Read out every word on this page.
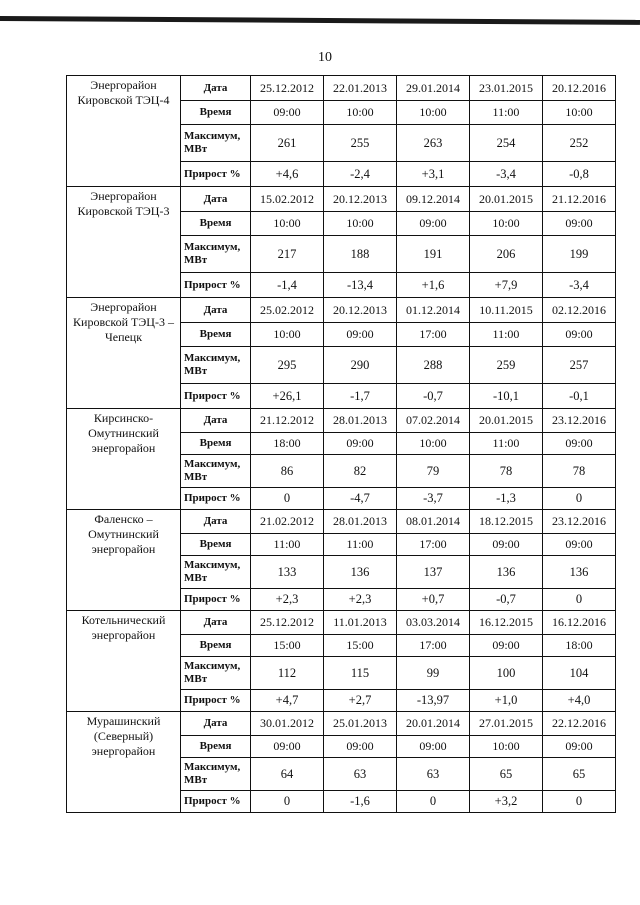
10
Энергорайон Кировской ТЭЦ-4	Дата	25.12.2012	22.01.2013	29.01.2014	23.01.2015	20.12.2016
	Время	09:00	10:00	10:00	11:00	10:00
	Максимум, МВт	261	255	263	254	252
	Прирост %	+4,6	-2,4	+3,1	-3,4	-0,8
Энергорайон Кировской ТЭЦ-3	Дата	15.02.2012	20.12.2013	09.12.2014	20.01.2015	21.12.2016
	Время	10:00	10:00	09:00	10:00	09:00
	Максимум, МВт	217	188	191	206	199
	Прирост %	-1,4	-13,4	+1,6	+7,9	-3,4
Энергорайон Кировской ТЭЦ-3 – Чепецк	Дата	25.02.2012	20.12.2013	01.12.2014	10.11.2015	02.12.2016
	Время	10:00	09:00	17:00	11:00	09:00
	Максимум, МВт	295	290	288	259	257
	Прирост %	+26,1	-1,7	-0,7	-10,1	-0,1
Кирсинско-Омутнинский энергорайон	Дата	21.12.2012	28.01.2013	07.02.2014	20.01.2015	23.12.2016
	Время	18:00	09:00	10:00	11:00	09:00
	Максимум, МВт	86	82	79	78	78
	Прирост %	0	-4,7	-3,7	-1,3	0
Фаленско – Омутнинский энергорайон	Дата	21.02.2012	28.01.2013	08.01.2014	18.12.2015	23.12.2016
	Время	11:00	11:00	17:00	09:00	09:00
	Максимум, МВт	133	136	137	136	136
	Прирост %	+2,3	+2,3	+0,7	-0,7	0
Котельнический энергорайон	Дата	25.12.2012	11.01.2013	03.03.2014	16.12.2015	16.12.2016
	Время	15:00	15:00	17:00	09:00	18:00
	Максимум, МВт	112	115	99	100	104
	Прирост %	+4,7	+2,7	-13,97	+1,0	+4,0
Мурашинский (Северный) энергорайон	Дата	30.01.2012	25.01.2013	20.01.2014	27.01.2015	22.12.2016
	Время	09:00	09:00	09:00	10:00	09:00
	Максимум, МВт	64	63	63	65	65
	Прирост %	0	-1,6	0	+3,2	0
